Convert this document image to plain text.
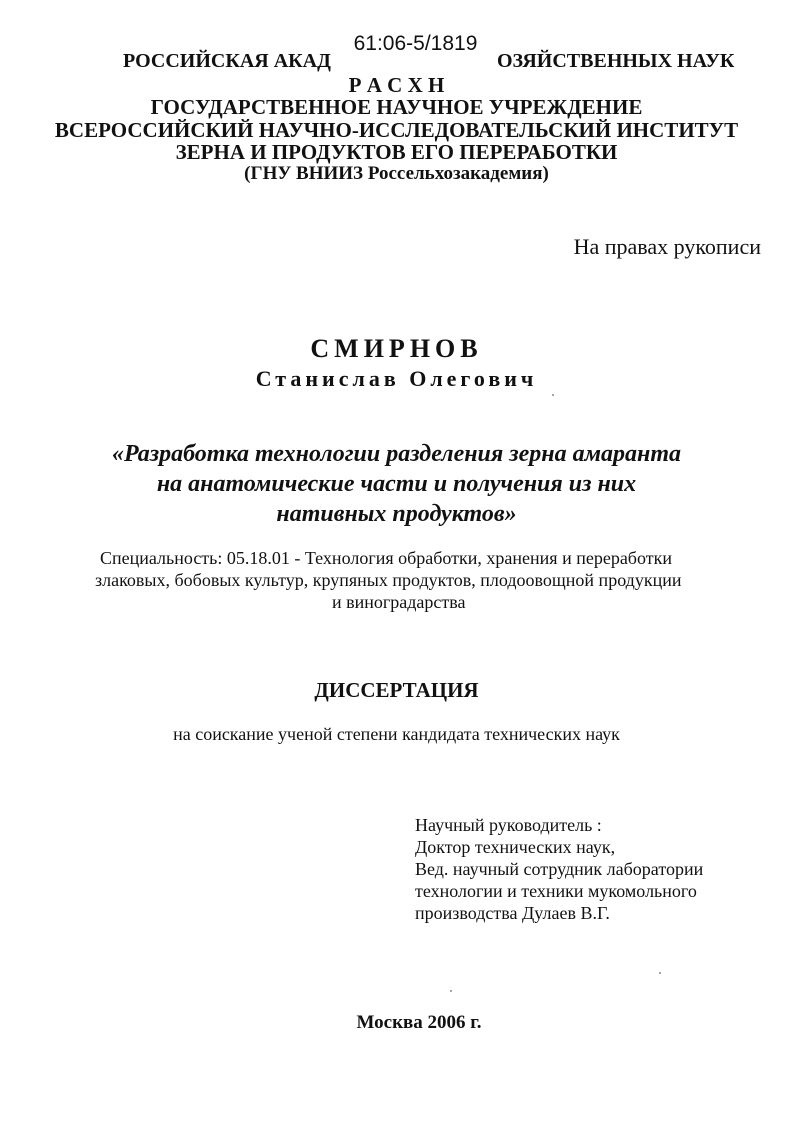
РОССИЙСКАЯ АКАД	ОЗЯЙСТВЕННЫХ НАУК
61:06-5/1819
Р А С Х Н
ГОСУДАРСТВЕННОЕ НАУЧНОЕ УЧРЕЖДЕНИЕ
ВСЕРОССИЙСКИЙ НАУЧНО-ИССЛЕДОВАТЕЛЬСКИЙ ИНСТИТУТ
ЗЕРНА И ПРОДУКТОВ ЕГО ПЕРЕРАБОТКИ
(ГНУ ВНИИЗ Россельхозакадемия)
На правах рукописи
СМИРНОВ
Станислав Олегович
«Разработка технологии разделения зерна амаранта
на анатомические части и получения из них
нативных продуктов»
Специальность: 05.18.01 - Технология обработки, хранения и переработки
злаковых, бобовых культур, крупяных продуктов, плодоовощной продукции
и виноградарства
ДИССЕРТАЦИЯ
на соискание ученой степени кандидата технических наук
Научный руководитель :
Доктор технических наук,
Вед. научный сотрудник лаборатории
технологии и техники мукомольного
производства Дулаев В.Г.
Москва 2006 г.
